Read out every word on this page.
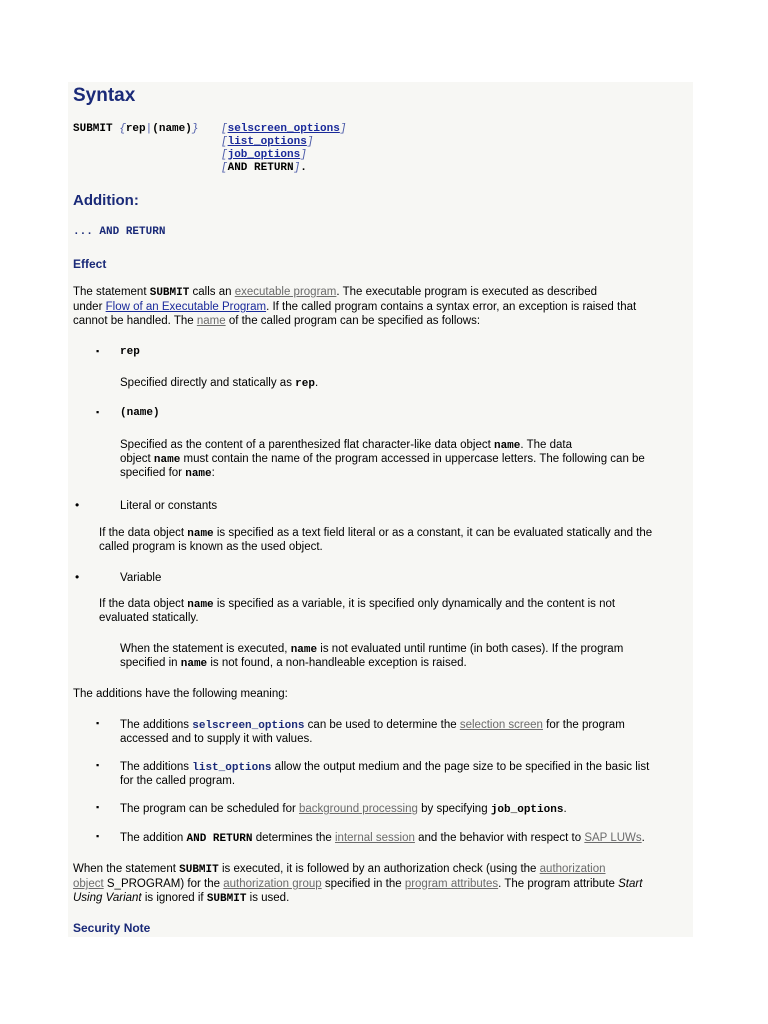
Syntax
SUBMIT {rep|(name)} [selscreen_options]
[list_options]
[job_options]
[AND RETURN].
Addition:
... AND RETURN
Effect
The statement SUBMIT calls an executable program. The executable program is executed as described
under Flow of an Executable Program. If the called program contains a syntax error, an exception is raised that
cannot be handled. The name of the called program can be specified as follows:
▪ rep
Specified directly and statically as rep.
▪ (name)
Specified as the content of a parenthesized flat character-like data object name. The data
object name must contain the name of the program accessed in uppercase letters. The following can be
specified for name:
•	Literal or constants
If the data object name is specified as a text field literal or as a constant, it can be evaluated statically and the
called program is known as the used object.
•	Variable
If the data object name is specified as a variable, it is specified only dynamically and the content is not
evaluated statically.
When the statement is executed, name is not evaluated until runtime (in both cases). If the program
specified in name is not found, a non-handleable exception is raised.
The additions have the following meaning:
▪ The additions selscreen_options can be used to determine the selection screen for the program
accessed and to supply it with values.
▪ The additions list_options allow the output medium and the page size to be specified in the basic list
for the called program.
▪ The program can be scheduled for background processing by specifying job_options.
▪ The addition AND RETURN determines the internal session and the behavior with respect to SAP LUWs.
When the statement SUBMIT is executed, it is followed by an authorization check (using the authorization
object S_PROGRAM) for the authorization group specified in the program attributes. The program attribute Start
Using Variant is ignored if SUBMIT is used.
Security Note
